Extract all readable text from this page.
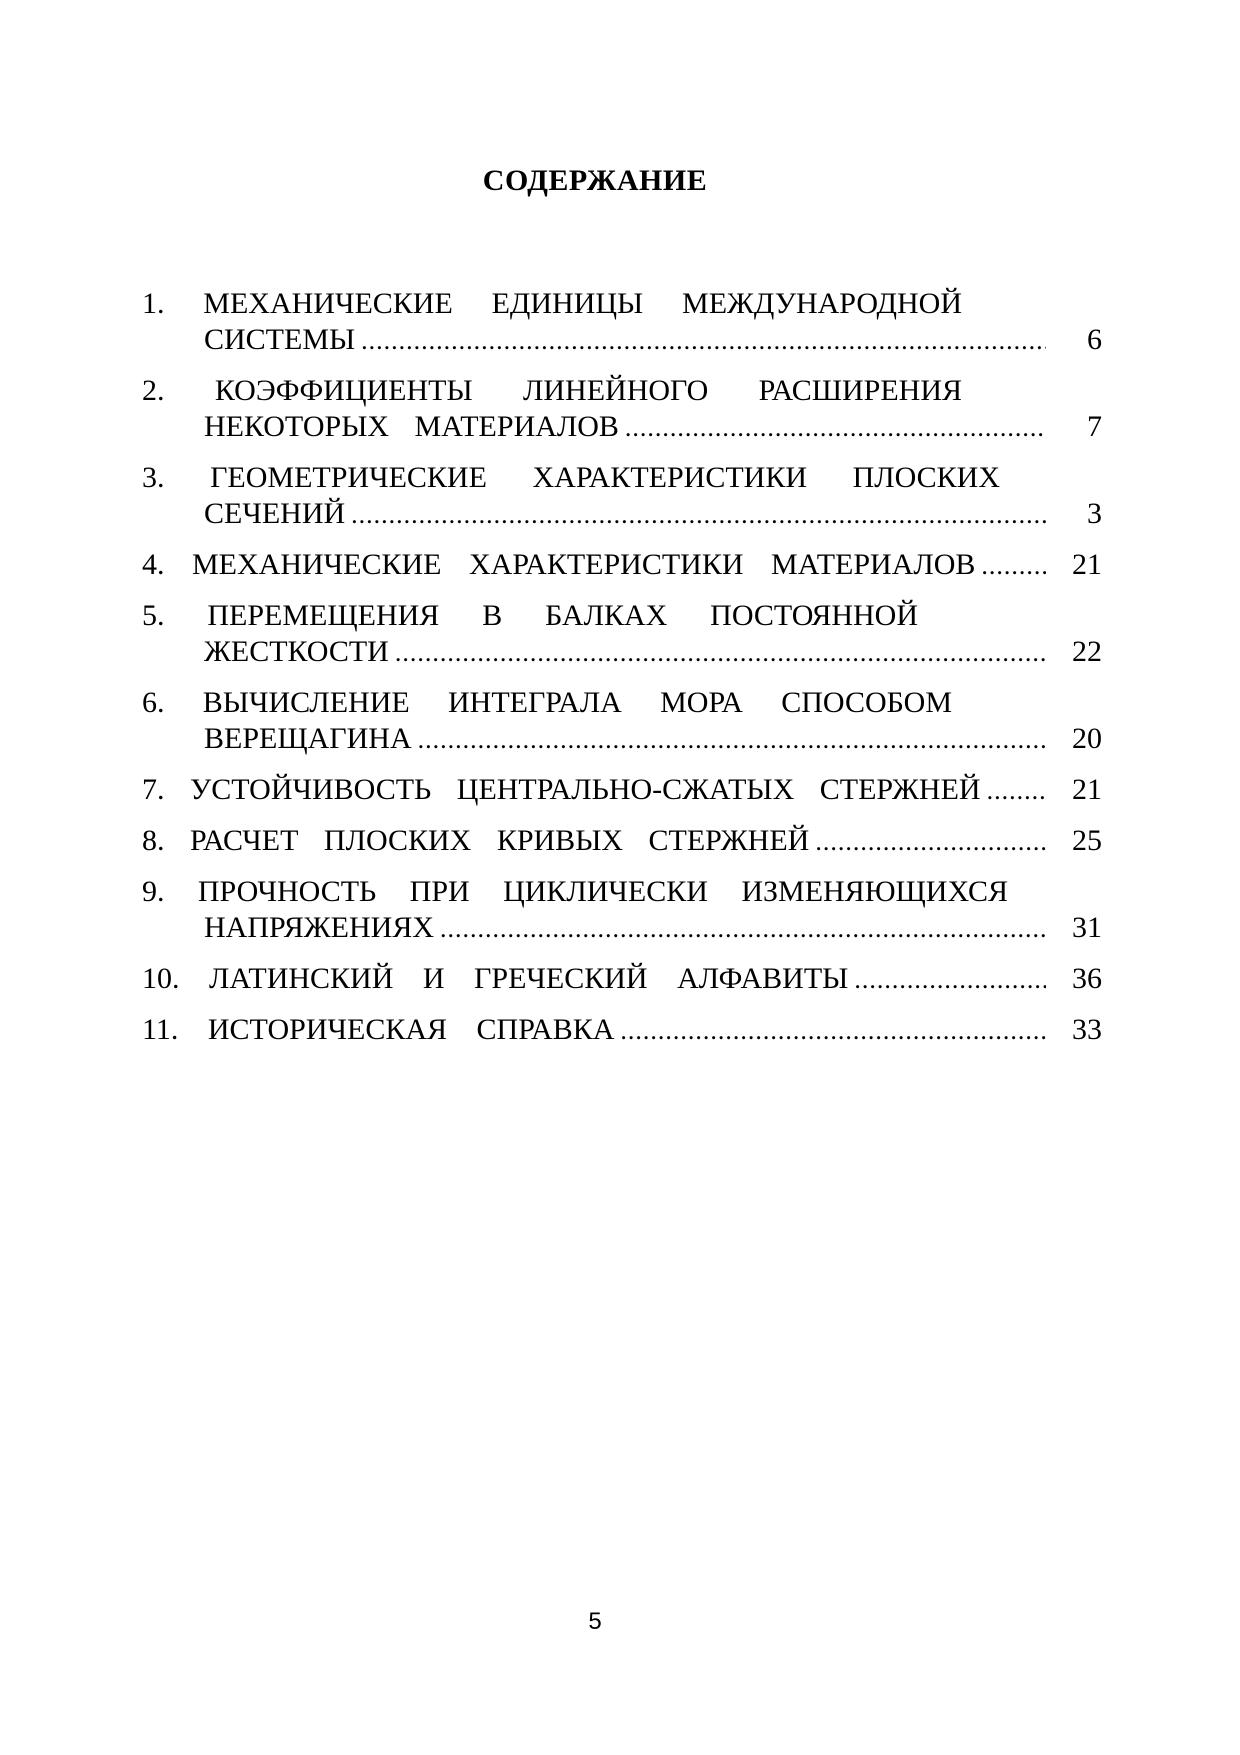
СОДЕРЖАНИЕ
1. МЕХАНИЧЕСКИЕ ЕДИНИЦЫ МЕЖДУНАРОДНОЙ
СИСТЕМЫ .....	6
2. КОЭФФИЦИЕНТЫ ЛИНЕЙНОГО РАСШИРЕНИЯ
НЕКОТОРЫХ МАТЕРИАЛОВ .....	7
3. ГЕОМЕТРИЧЕСКИЕ ХАРАКТЕРИСТИКИ ПЛОСКИХ
СЕЧЕНИЙ .....	3
4. МЕХАНИЧЕСКИЕ ХАРАКТЕРИСТИКИ МАТЕРИАЛОВ .....	21
5. ПЕРЕМЕЩЕНИЯ В БАЛКАХ ПОСТОЯННОЙ
ЖЕСТКОСТИ .....	22
6. ВЫЧИСЛЕНИЕ ИНТЕГРАЛА МОРА СПОСОБОМ
ВЕРЕЩАГИНА .....	20
7. УСТОЙЧИВОСТЬ ЦЕНТРАЛЬНО-СЖАТЫХ СТЕРЖНЕЙ .....	21
8. РАСЧЕТ ПЛОСКИХ КРИВЫХ СТЕРЖНЕЙ .....	25
9. ПРОЧНОСТЬ ПРИ ЦИКЛИЧЕСКИ ИЗМЕНЯЮЩИХСЯ
НАПРЯЖЕНИЯХ .....	31
10. ЛАТИНСКИЙ И ГРЕЧЕСКИЙ АЛФАВИТЫ .....	36
11. ИСТОРИЧЕСКАЯ СПРАВКА .....	33
5
